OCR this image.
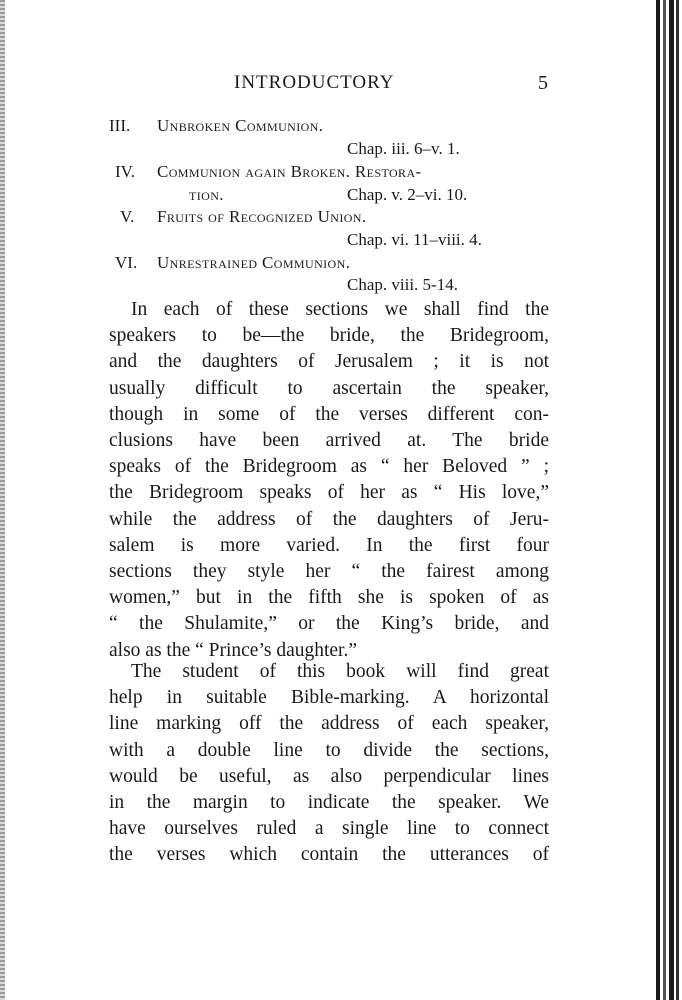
INTRODUCTORY	5
III. Unbroken Communion.
Chap. iii. 6–v. 1.
IV. Communion again Broken. Restora-
tion.	Chap. v. 2–vi. 10.
V. Fruits of Recognized Union.
Chap. vi. 11–viii. 4.
VI. Unrestrained Communion.
Chap. viii. 5-14.
In each of these sections we shall find the
speakers to be—the bride, the Bridegroom,
and the daughters of Jerusalem ; it is not
usually difficult to ascertain the speaker,
though in some of the verses different con-
clusions have been arrived at. The bride
speaks of the Bridegroom as “ her Beloved ” ;
the Bridegroom speaks of her as “ His love,”
while the address of the daughters of Jeru-
salem is more varied. In the first four
sections they style her “ the fairest among
women,” but in the fifth she is spoken of as
“ the Shulamite,” or the King’s bride, and
also as the “ Prince’s daughter.”
The student of this book will find great
help in suitable Bible-marking. A horizontal
line marking off the address of each speaker,
with a double line to divide the sections,
would be useful, as also perpendicular lines
in the margin to indicate the speaker. We
have ourselves ruled a single line to connect
the verses which contain the utterances of
